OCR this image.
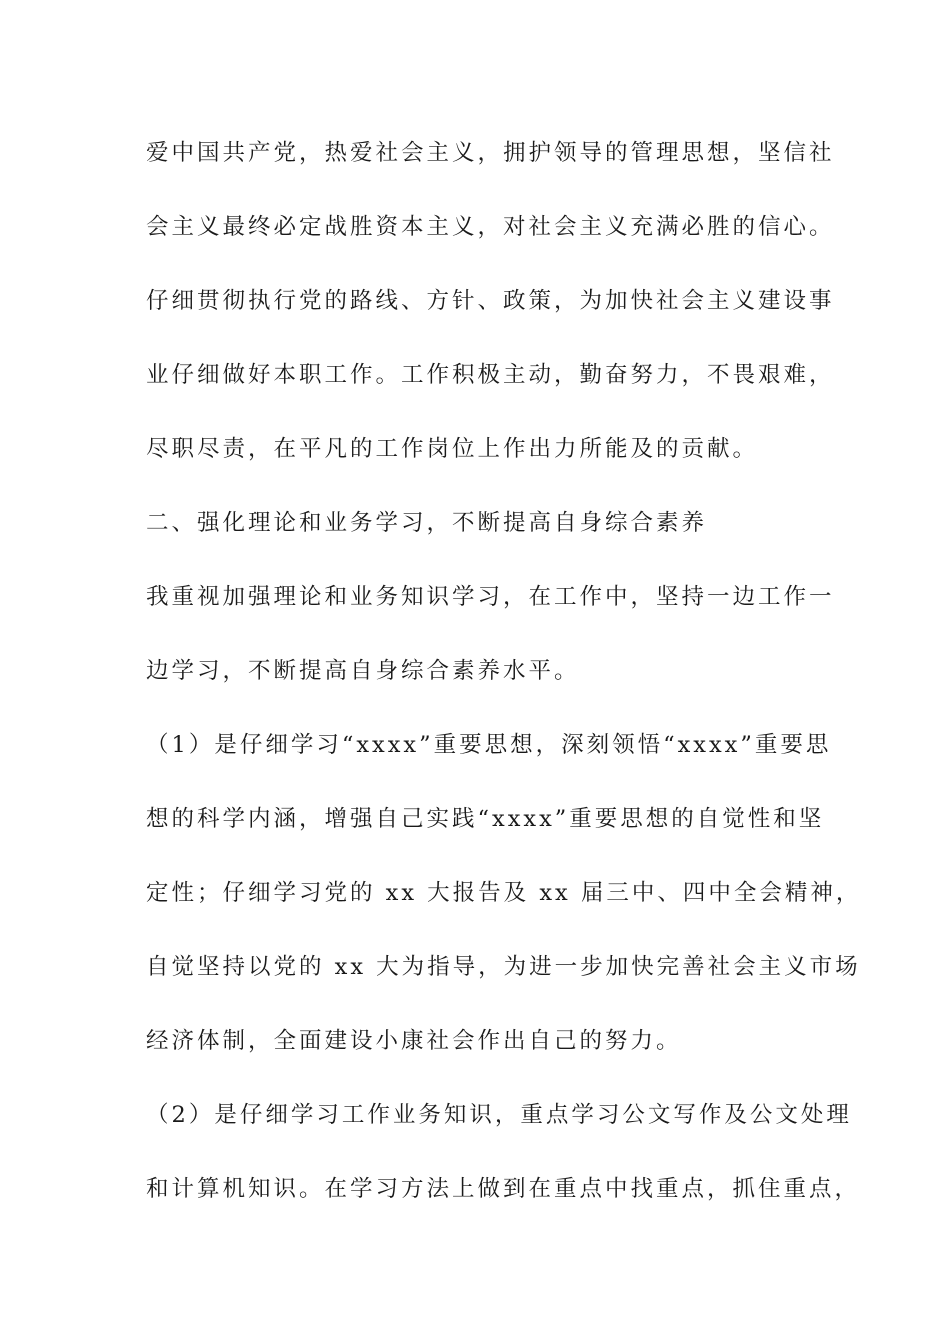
爱中国共产党，热爱社会主义，拥护领导的管理思想，坚信社
会主义最终必定战胜资本主义，对社会主义充满必胜的信心。
仔细贯彻执行党的路线、方针、政策，为加快社会主义建设事
业仔细做好本职工作。工作积极主动，勤奋努力，不畏艰难，
尽职尽责，在平凡的工作岗位上作出力所能及的贡献。
二、强化理论和业务学习，不断提高自身综合素养
我重视加强理论和业务知识学习，在工作中，坚持一边工作一
边学习，不断提高自身综合素养水平。
（1）是仔细学习“xxxx”重要思想，深刻领悟“xxxx”重要思
想的科学内涵，增强自己实践“xxxx”重要思想的自觉性和坚
定性；仔细学习党的 xx 大报告及 xx 届三中、四中全会精神，
自觉坚持以党的 xx 大为指导，为进一步加快完善社会主义市场
经济体制，全面建设小康社会作出自己的努力。
（2）是仔细学习工作业务知识，重点学习公文写作及公文处理
和计算机知识。在学习方法上做到在重点中找重点，抓住重点，
